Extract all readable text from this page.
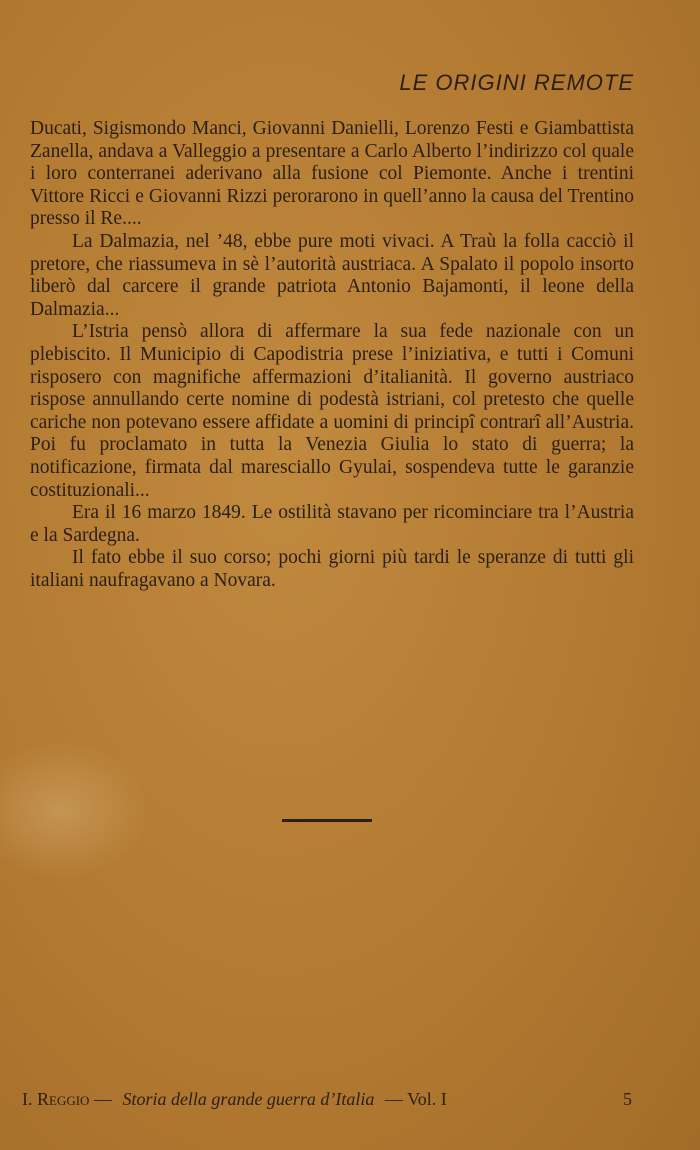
LE ORIGINI REMOTE

Ducati, Sigismondo Manci, Giovanni Danielli, Lorenzo Festi e Giambattista Zanella, andava a Valleggio a presentare a Carlo Alberto l’indirizzo col quale i loro conterranei aderivano alla fusione col Piemonte. Anche i trentini Vittore Ricci e Giovanni Rizzi perorarono in quell’anno la causa del Trentino presso il Re....

La Dalmazia, nel ’48, ebbe pure moti vivaci. A Traù la folla cacciò il pretore, che riassumeva in sè l’autorità austriaca. A Spalato il popolo insorto liberò dal carcere il grande patriota Antonio Bajamonti, il leone della Dalmazia...

L’Istria pensò allora di affermare la sua fede nazionale con un plebiscito. Il Municipio di Capodistria prese l’iniziativa, e tutti i Comuni risposero con magnifiche affermazioni d’italianità. Il governo austriaco rispose annullando certe nomine di podestà istriani, col pretesto che quelle cariche non potevano essere affidate a uomini di principî contrarî all’Austria. Poi fu proclamato in tutta la Venezia Giulia lo stato di guerra; la notificazione, firmata dal maresciallo Gyulai, sospendeva tutte le garanzie costituzionali...

Era il 16 marzo 1849. Le ostilità stavano per ricominciare tra l’Austria e la Sardegna.

Il fato ebbe il suo corso; pochi giorni più tardi le speranze di tutti gli italiani naufragavano a Novara.

I. Reggio — Storia della grande guerra d’Italia — Vol. I	5
